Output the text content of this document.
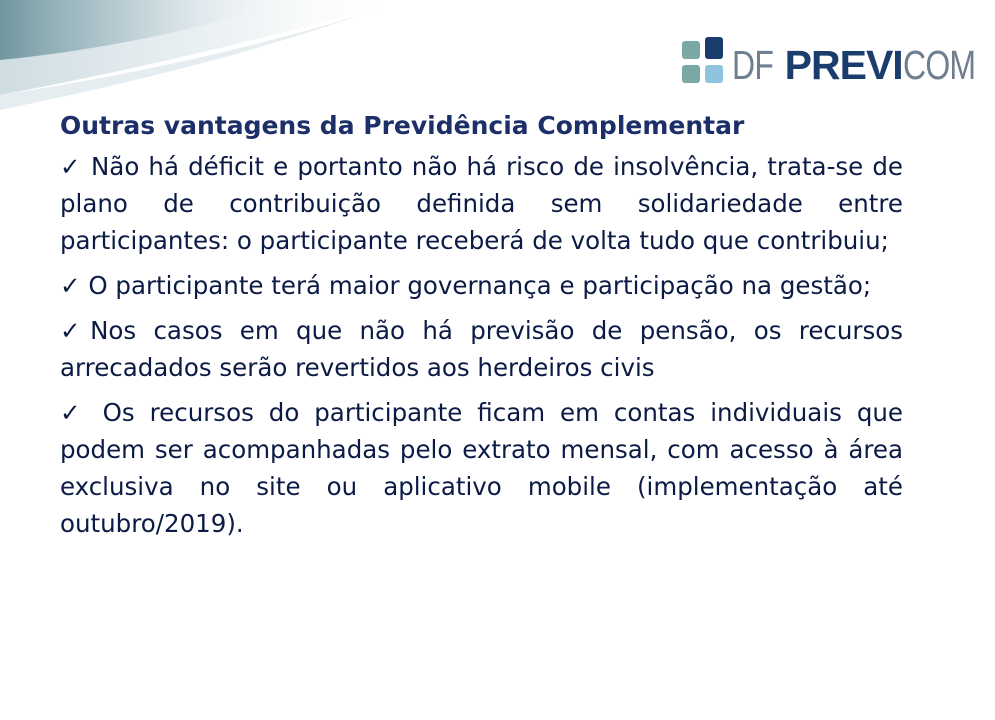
DF PREVICOM
Outras vantagens da Previdência Complementar

✓ Não há déficit e portanto não há risco de insolvência, trata-se de plano de contribuição definida sem solidariedade entre participantes: o participante receberá de volta tudo que contribuiu;

✓ O participante terá maior governança e participação na gestão;

✓Nos casos em que não há previsão de pensão, os recursos arrecadados serão revertidos aos herdeiros civis

✓ Os recursos do participante ficam em contas individuais que podem ser acompanhadas pelo extrato mensal, com acesso à área exclusiva no site ou aplicativo mobile (implementação até outubro/2019).
